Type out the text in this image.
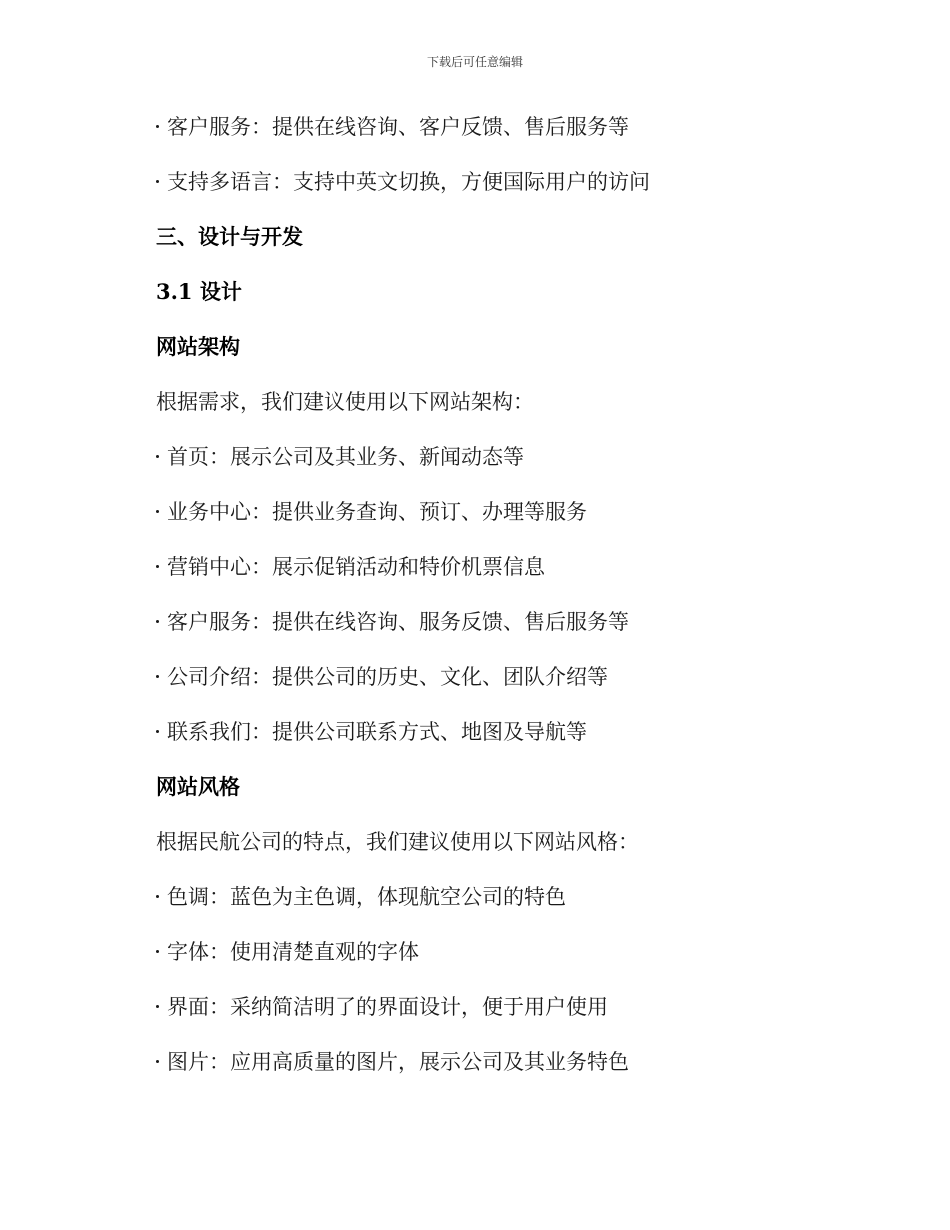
下载后可任意编辑
客户服务：提供在线咨询、客户反馈、售后服务等
支持多语言：支持中英文切换，方便国际用户的访问
三、设计与开发
3.1 设计
网站架构
根据需求，我们建议使用以下网站架构：
首页：展示公司及其业务、新闻动态等
业务中心：提供业务查询、预订、办理等服务
营销中心：展示促销活动和特价机票信息
客户服务：提供在线咨询、服务反馈、售后服务等
公司介绍：提供公司的历史、文化、团队介绍等
联系我们：提供公司联系方式、地图及导航等
网站风格
根据民航公司的特点，我们建议使用以下网站风格：
色调：蓝色为主色调，体现航空公司的特色
字体：使用清楚直观的字体
界面：采纳简洁明了的界面设计，便于用户使用
图片：应用高质量的图片，展示公司及其业务特色
